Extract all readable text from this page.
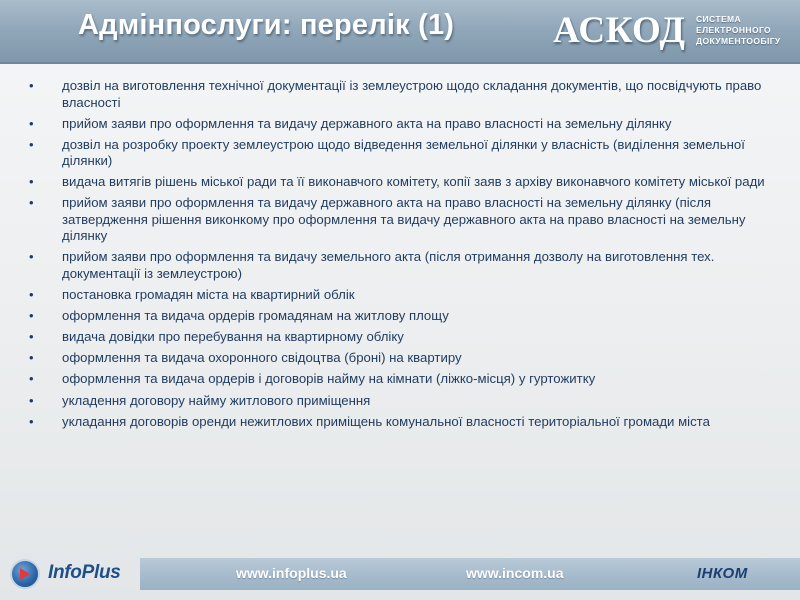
Адмінпослуги: перелік (1)	АСКОД СИСТЕМА
ЕЛЕКТРОННОГО
ДОКУМЕНТООБІГУ
• дозвіл на виготовлення технічної документації із землеустрою щодо складання документів, що посвідчують право власності
• прийом заяви про оформлення та видачу державного акта на право власності на земельну ділянку
• дозвіл на розробку проекту землеустрою щодо відведення земельної ділянки у власність (виділення земельної ділянки)
• видача витягів рішень міської ради та її виконавчого комітету, копії заяв з архіву виконавчого комітету міської ради
• прийом заяви про оформлення та видачу державного акта на право власності на земельну ділянку (після затвердження рішення виконкому про оформлення та видачу державного акта на право власності на земельну ділянку
• прийом заяви про оформлення та видачу земельного акта (після отримання дозволу на виготовлення тех. документації із землеустрою)
• постановка громадян міста на квартирний облік
• оформлення та видача ордерів громадянам на житлову площу
• видача довідки про перебування на квартирному обліку
• оформлення та видача охоронного свідоцтва (броні) на квартиру
• оформлення та видача ордерів і договорів найму на кімнати (ліжко-місця) у гуртожитку
• укладення договору найму житлового приміщення
• укладання договорів оренди нежитлових приміщень комунальної власності територіальної громади міста
InfoPlus	www.infoplus.ua	www.incom.ua	ІНКОМ
